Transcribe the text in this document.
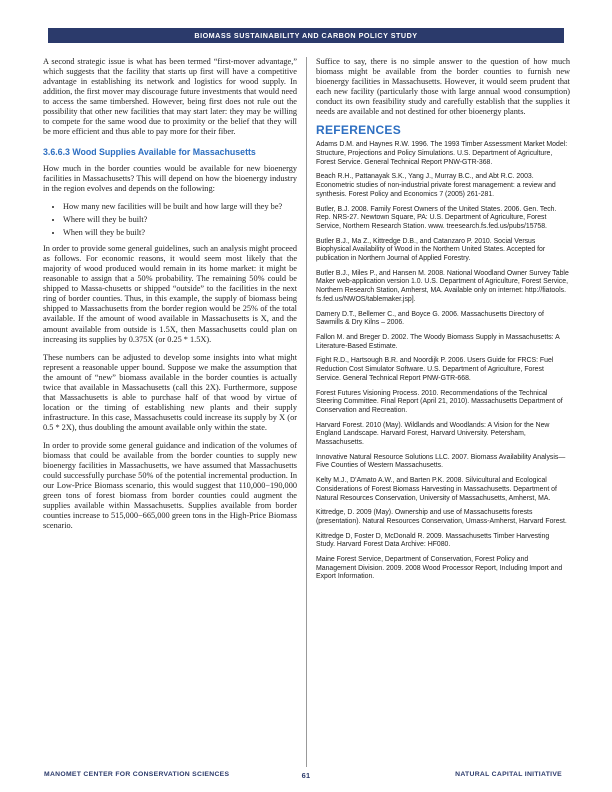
BIOMASS SUSTAINABILITY AND CARBON POLICY STUDY

A second strategic issue is what has been termed “first-mover advantage,” which suggests that the facility that starts up first will have a competitive advantage in establishing its network and logistics for wood supply. In addition, the first mover may discourage future investments that would need to access the same timbershed. However, being first does not rule out the possibility that other new facilities that may start later: they may be willing to compete for the same wood due to proximity or the belief that they will be more efficient and thus able to pay more for their fiber.

3.6.6.3 Wood Supplies Available for Massachusetts

How much in the border counties would be available for new bioenergy facilities in Massachusetts? This will depend on how the bioenergy industry in the region evolves and depends on the following:

• How many new facilities will be built and how large will they be?
• Where will they be built?
• When will they be built?

In order to provide some general guidelines, such an analysis might proceed as follows. For economic reasons, it would seem most likely that the majority of wood produced would remain in its home market: it might be reasonable to assign that a 50% probability. The remaining 50% could be shipped to Massa-chusetts or shipped “outside” to the facilities in the next ring of border counties. Thus, in this example, the supply of biomass being shipped to Massachusetts from the border region would be 25% of the total available. If the amount of wood available in Massachusetts is X, and the amount available from outside is 1.5X, then Massachusetts could plan on increasing its supplies by 0.375X (or 0.25 * 1.5X).

These numbers can be adjusted to develop some insights into what might represent a reasonable upper bound. Suppose we make the assumption that the amount of “new” biomass available in the border counties is actually twice that available in Massachusetts (call this 2X). Furthermore, suppose that Massachusetts is able to purchase half of that wood by virtue of location or the timing of establishing new plants and their supply infrastructure. In this case, Massachusetts could increase its supply by X (or 0.5 * 2X), thus doubling the amount available only within the state.

In order to provide some general guidance and indication of the volumes of biomass that could be available from the border counties to supply new bioenergy facilities in Massachusetts, we have assumed that Massachusetts could successfully purchase 50% of the potential incremental production. In our Low-Price Biomass scenario, this would suggest that 110,000−190,000 green tons of forest biomass from border counties could augment the supplies available within Massachusetts. Supplies available from border counties increase to 515,000−665,000 green tons in the High-Price Biomass scenario.

Suffice to say, there is no simple answer to the question of how much biomass might be available from the border counties to furnish new bioenergy facilities in Massachusetts. However, it would seem prudent that each new facility (particularly those with large annual wood consumption) conduct its own feasibility study and carefully establish that the supplies it needs are available and not destined for other bioenergy plants.

REFERENCES
Adams D.M. and Haynes R.W. 1996. The 1993 Timber Assessment Market Model: Structure, Projections and Policy Simulations. U.S. Department of Agriculture, Forest Service. General Technical Report PNW-GTR-368.
Beach R.H., Pattanayak S.K., Yang J., Murray B.C., and Abt R.C. 2003. Econometric studies of non-industrial private forest management: a review and synthesis. Forest Policy and Economics 7 (2005) 261-281.
Butler, B.J. 2008. Family Forest Owners of the United States. 2006. Gen. Tech. Rep. NRS-27. Newtown Square, PA: U.S. Department of Agriculture, Forest Service, Northern Research Station. www. treesearch.fs.fed.us/pubs/15758.
Butler B.J., Ma Z., Kittredge D.B., and Catanzaro P. 2010. Social Versus Biophysical Availability of Wood in the Northern United States. Accepted for publication in Northern Journal of Applied Forestry.
Butler B.J., Miles P., and Hansen M. 2008. National Woodland Owner Survey Table Maker web-application version 1.0. U.S. Department of Agriculture, Forest Service, Northern Research Station, Amherst, MA. Available only on internet: http://fiatools. fs.fed.us/NWOS/tablemaker.jsp].
Damery D.T., Bellemer C., and Boyce G. 2006. Massachusetts Directory of Sawmills & Dry Kilns – 2006.
Fallon M. and Breger D. 2002. The Woody Biomass Supply in Massachusetts: A Literature-Based Estimate.
Fight R.D., Hartsough B.R. and Noordijk P. 2006. Users Guide for FRCS: Fuel Reduction Cost Simulator Software. U.S. Department of Agriculture, Forest Service. General Technical Report PNW-GTR-668.
Forest Futures Visioning Process. 2010. Recommendations of the Technical Steering Committee. Final Report (April 21, 2010). Massachusetts Department of Conservation and Recreation.
Harvard Forest. 2010 (May). Wildlands and Woodlands: A Vision for the New England Landscape. Harvard Forest, Harvard University. Petersham, Massachusetts.
Innovative Natural Resource Solutions LLC. 2007. Biomass Availability Analysis—Five Counties of Western Massachusetts.
Kelty M.J., D’Amato A.W., and Barten P.K. 2008. Silvicultural and Ecological Considerations of Forest Biomass Harvesting in Massachusetts. Department of Natural Resources Conservation, University of Massachusetts, Amherst, MA.
Kittredge, D. 2009 (May). Ownership and use of Massachusetts forests (presentation). Natural Resources Conservation, Umass-Amherst, Harvard Forest.
Kittredge D, Foster D, McDonald R. 2009. Massachusetts Timber Harvesting Study. Harvard Forest Data Archive: HF080.
Maine Forest Service, Department of Conservation, Forest Policy and Management Division. 2009. 2008 Wood Processor Report, Including Import and Export Information.
MANOMET CENTER FOR CONSERVATION SCIENCES	61	NATURAL CAPITAL INITIATIVE
